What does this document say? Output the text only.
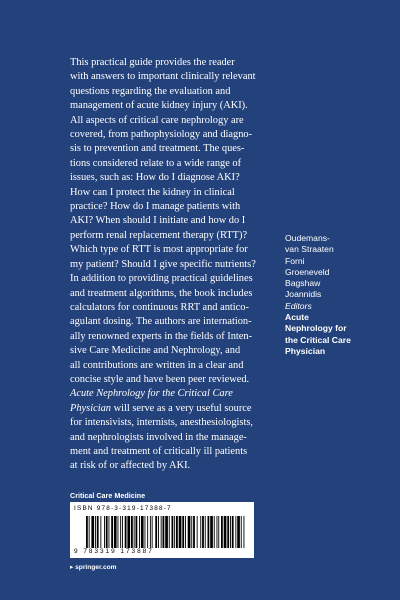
This practical guide provides the reader
with answers to important clinically relevant
questions regarding the evaluation and
management of acute kidney injury (AKI).
All aspects of critical care nephrology are
covered, from pathophysiology and diagno-
sis to prevention and treatment. The ques-
tions considered relate to a wide range of
issues, such as: How do I diagnose AKI?
How can I protect the kidney in clinical
practice? How do I manage patients with
AKI? When should I initiate and how do I
perform renal replacement therapy (RTT)?
Which type of RTT is most appropriate for
my patient? Should I give specific nutrients?
In addition to providing practical guidelines
and treatment algorithms, the book includes
calculators for continuous RRT and antico-
agulant dosing. The authors are internation-
ally renowned experts in the fields of Inten-
sive Care Medicine and Nephrology, and
all contributions are written in a clear and
concise style and have been peer reviewed.
Acute Nephrology for the Critical Care
Physician will serve as a very useful source
for intensivists, internists, anesthesiologists,
and nephrologists involved in the manage-
ment and treatment of critically ill patients
at risk of or affected by AKI.
Oudemans-
van Straaten
Forni
Groeneveld
Bagshaw
Joannidis
Editors
Acute
Nephrology for
the Critical Care
Physician
Critical Care Medicine
ISBN 978-3-319-17388-7
9 783319 173887
▸ springer.com
